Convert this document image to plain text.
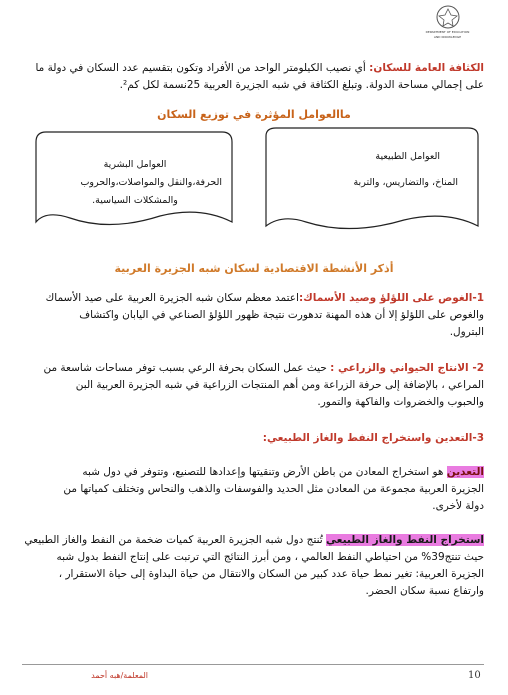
DEPARTMENT OF EDUCATION
AND KNOWLEDGE
الكثافة العامة للسكان: أي نصيب الكيلومتر الواحد من الأفراد وتكون بتقسيم عدد السكان في دولة ما
على إجمالي مساحة الدولة. وتبلغ الكثافة في شبه الجزيرة العربية 25نسمة لكل كم².
ماالعوامل المؤثرة في توزيع السكان
العوامل البشرية
الحرفة،والنقل والمواصلات،والحروب
والمشكلات السياسية.
العوامل الطبيعية
المناخ، والتضاريس، والتربة
أذكر الأنشطة الاقتصادية لسكان شبه الجزيرة العربية
1-الغوص على اللؤلؤ وصيد الأسماك:اعتمد معظم سكان شبه الجزيرة العربية على صيد الأسماك
والغوص على اللؤلؤ إلا أن هذه المهنة تدهورت نتيجة ظهور اللؤلؤ الصناعي في اليابان واكتشاف
البترول.
2- الانتاج الحيواني والزراعي : حيث عمل السكان بحرفة الرعي بسبب توفر مساحات شاسعة من
المراعي ، بالإضافة إلى حرفة الزراعة ومن أهم المنتجات الزراعية في شبه الجزيرة العربية البن
والحبوب والخضروات والفاكهة والتمور.
3-التعدين واستخراج النفط والغاز الطبيعي:
التعدين هو استخراج المعادن من باطن الأرض وتنقيتها وإعدادها للتصنيع، وتتوفر في دول شبه
الجزيرة العربية مجموعة من المعادن مثل الحديد والفوسفات والذهب والنحاس وتختلف كمياتها من
دولة لأخرى.
استخراج النفط والغاز الطبيعي تُنتج دول شبه الجزيرة العربية كميات ضخمة من النفط والغاز الطبيعي
حيث تنتج39% من احتياطي النفط العالمي ، ومن أبرز النتائج التي ترتبت على إنتاج النفط بدول شبه
الجزيرة العربية: تغير نمط حياة عدد كبير من السكان والانتقال من حياة البداوة إلى حياة الاستقرار ،
وارتفاع نسبة سكان الحضر.
المعلمة/هبه أحمد	10
